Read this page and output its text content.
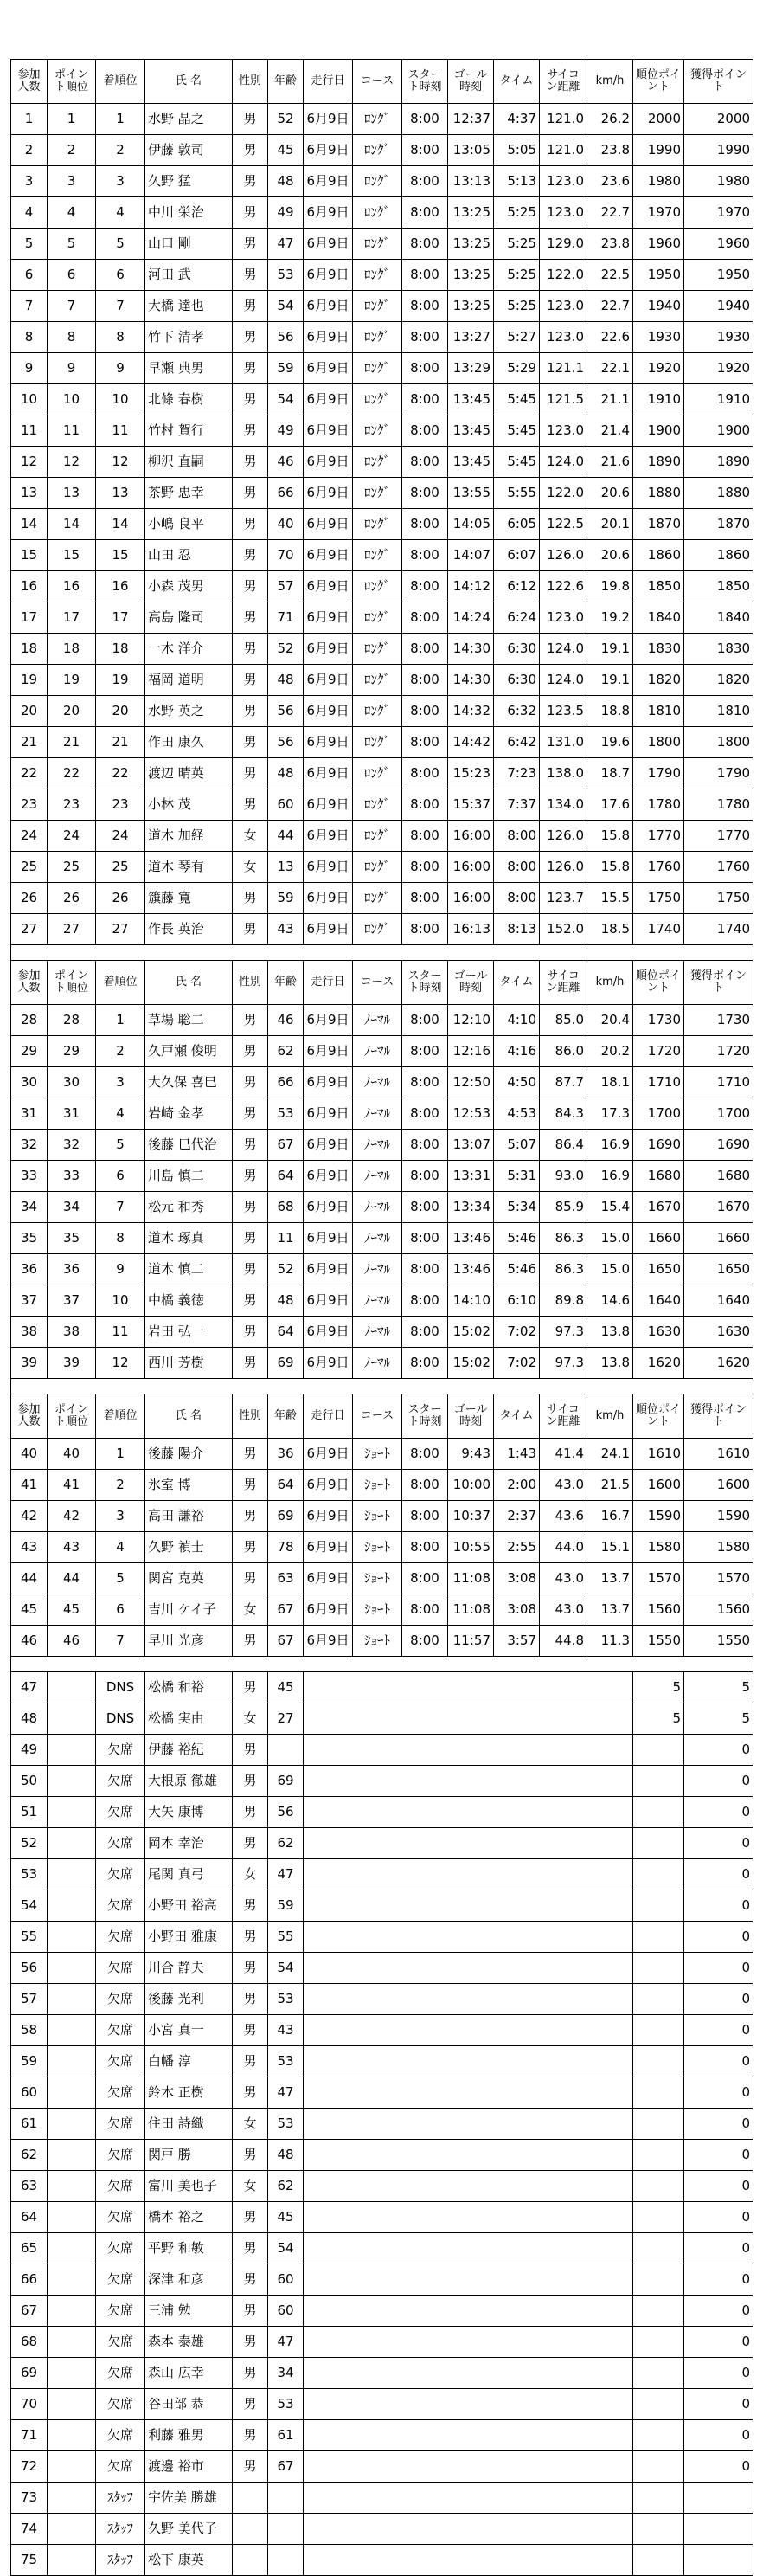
参加人数	ポイント順位	着順位	氏 名	性別	年齢	走行日	コース	スタート時刻	ゴール時刻	タイム	サイコン距離	km/h	順位ポイント	獲得ポイント
1	1	1	水野 晶之	男	52	6月9日	ﾛﾝｸﾞ	8:00	12:37	4:37	121.0	26.2	2000	2000
2	2	2	伊藤 敦司	男	45	6月9日	ﾛﾝｸﾞ	8:00	13:05	5:05	121.0	23.8	1990	1990
3	3	3	久野 猛	男	48	6月9日	ﾛﾝｸﾞ	8:00	13:13	5:13	123.0	23.6	1980	1980
4	4	4	中川 栄治	男	49	6月9日	ﾛﾝｸﾞ	8:00	13:25	5:25	123.0	22.7	1970	1970
5	5	5	山口 剛	男	47	6月9日	ﾛﾝｸﾞ	8:00	13:25	5:25	129.0	23.8	1960	1960
6	6	6	河田 武	男	53	6月9日	ﾛﾝｸﾞ	8:00	13:25	5:25	122.0	22.5	1950	1950
7	7	7	大橋 達也	男	54	6月9日	ﾛﾝｸﾞ	8:00	13:25	5:25	123.0	22.7	1940	1940
8	8	8	竹下 清孝	男	56	6月9日	ﾛﾝｸﾞ	8:00	13:27	5:27	123.0	22.6	1930	1930
9	9	9	早瀬 典男	男	59	6月9日	ﾛﾝｸﾞ	8:00	13:29	5:29	121.1	22.1	1920	1920
10	10	10	北條 春樹	男	54	6月9日	ﾛﾝｸﾞ	8:00	13:45	5:45	121.5	21.1	1910	1910
11	11	11	竹村 賀行	男	49	6月9日	ﾛﾝｸﾞ	8:00	13:45	5:45	123.0	21.4	1900	1900
12	12	12	柳沢 直嗣	男	46	6月9日	ﾛﾝｸﾞ	8:00	13:45	5:45	124.0	21.6	1890	1890
13	13	13	茶野 忠幸	男	66	6月9日	ﾛﾝｸﾞ	8:00	13:55	5:55	122.0	20.6	1880	1880
14	14	14	小嶋 良平	男	40	6月9日	ﾛﾝｸﾞ	8:00	14:05	6:05	122.5	20.1	1870	1870
15	15	15	山田 忍	男	70	6月9日	ﾛﾝｸﾞ	8:00	14:07	6:07	126.0	20.6	1860	1860
16	16	16	小森 茂男	男	57	6月9日	ﾛﾝｸﾞ	8:00	14:12	6:12	122.6	19.8	1850	1850
17	17	17	高島 隆司	男	71	6月9日	ﾛﾝｸﾞ	8:00	14:24	6:24	123.0	19.2	1840	1840
18	18	18	一木 洋介	男	52	6月9日	ﾛﾝｸﾞ	8:00	14:30	6:30	124.0	19.1	1830	1830
19	19	19	福岡 道明	男	48	6月9日	ﾛﾝｸﾞ	8:00	14:30	6:30	124.0	19.1	1820	1820
20	20	20	水野 英之	男	56	6月9日	ﾛﾝｸﾞ	8:00	14:32	6:32	123.5	18.8	1810	1810
21	21	21	作田 康久	男	56	6月9日	ﾛﾝｸﾞ	8:00	14:42	6:42	131.0	19.6	1800	1800
22	22	22	渡辺 晴英	男	48	6月9日	ﾛﾝｸﾞ	8:00	15:23	7:23	138.0	18.7	1790	1790
23	23	23	小林 茂	男	60	6月9日	ﾛﾝｸﾞ	8:00	15:37	7:37	134.0	17.6	1780	1780
24	24	24	道木 加経	女	44	6月9日	ﾛﾝｸﾞ	8:00	16:00	8:00	126.0	15.8	1770	1770
25	25	25	道木 琴有	女	13	6月9日	ﾛﾝｸﾞ	8:00	16:00	8:00	126.0	15.8	1760	1760
26	26	26	籏藤 寛	男	59	6月9日	ﾛﾝｸﾞ	8:00	16:00	8:00	123.7	15.5	1750	1750
27	27	27	作長 英治	男	43	6月9日	ﾛﾝｸﾞ	8:00	16:13	8:13	152.0	18.5	1740	1740

参加人数	ポイント順位	着順位	氏 名	性別	年齢	走行日	コース	スタート時刻	ゴール時刻	タイム	サイコン距離	km/h	順位ポイント	獲得ポイント
28	28	1	草場 聡二	男	46	6月9日	ﾉｰﾏﾙ	8:00	12:10	4:10	85.0	20.4	1730	1730
29	29	2	久戸瀬 俊明	男	62	6月9日	ﾉｰﾏﾙ	8:00	12:16	4:16	86.0	20.2	1720	1720
30	30	3	大久保 喜巳	男	66	6月9日	ﾉｰﾏﾙ	8:00	12:50	4:50	87.7	18.1	1710	1710
31	31	4	岩崎 金孝	男	53	6月9日	ﾉｰﾏﾙ	8:00	12:53	4:53	84.3	17.3	1700	1700
32	32	5	後藤 巳代治	男	67	6月9日	ﾉｰﾏﾙ	8:00	13:07	5:07	86.4	16.9	1690	1690
33	33	6	川島 慎二	男	64	6月9日	ﾉｰﾏﾙ	8:00	13:31	5:31	93.0	16.9	1680	1680
34	34	7	松元 和秀	男	68	6月9日	ﾉｰﾏﾙ	8:00	13:34	5:34	85.9	15.4	1670	1670
35	35	8	道木 琢真	男	11	6月9日	ﾉｰﾏﾙ	8:00	13:46	5:46	86.3	15.0	1660	1660
36	36	9	道木 慎二	男	52	6月9日	ﾉｰﾏﾙ	8:00	13:46	5:46	86.3	15.0	1650	1650
37	37	10	中橋 義徳	男	48	6月9日	ﾉｰﾏﾙ	8:00	14:10	6:10	89.8	14.6	1640	1640
38	38	11	岩田 弘一	男	64	6月9日	ﾉｰﾏﾙ	8:00	15:02	7:02	97.3	13.8	1630	1630
39	39	12	西川 芳樹	男	69	6月9日	ﾉｰﾏﾙ	8:00	15:02	7:02	97.3	13.8	1620	1620

参加人数	ポイント順位	着順位	氏 名	性別	年齢	走行日	コース	スタート時刻	ゴール時刻	タイム	サイコン距離	km/h	順位ポイント	獲得ポイント
40	40	1	後藤 陽介	男	36	6月9日	ｼｮｰﾄ	8:00	9:43	1:43	41.4	24.1	1610	1610
41	41	2	氷室 博	男	64	6月9日	ｼｮｰﾄ	8:00	10:00	2:00	43.0	21.5	1600	1600
42	42	3	高田 謙裕	男	69	6月9日	ｼｮｰﾄ	8:00	10:37	2:37	43.6	16.7	1590	1590
43	43	4	久野 禎士	男	78	6月9日	ｼｮｰﾄ	8:00	10:55	2:55	44.0	15.1	1580	1580
44	44	5	関宮 克英	男	63	6月9日	ｼｮｰﾄ	8:00	11:08	3:08	43.0	13.7	1570	1570
45	45	6	吉川 ケイ子	女	67	6月9日	ｼｮｰﾄ	8:00	11:08	3:08	43.0	13.7	1560	1560
46	46	7	早川 光彦	男	67	6月9日	ｼｮｰﾄ	8:00	11:57	3:57	44.8	11.3	1550	1550

47		DNS	松橋 和裕	男	45								5	5
48		DNS	松橋 実由	女	27								5	5
49		欠席	伊藤 裕紀	男										0
50		欠席	大根原 徹雄	男	69									0
51		欠席	大矢 康博	男	56									0
52		欠席	岡本 幸治	男	62									0
53		欠席	尾関 真弓	女	47									0
54		欠席	小野田 裕高	男	59									0
55		欠席	小野田 雅康	男	55									0
56		欠席	川合 静夫	男	54									0
57		欠席	後藤 光利	男	53									0
58		欠席	小宮 真一	男	43									0
59		欠席	白幡 淳	男	53									0
60		欠席	鈴木 正樹	男	47									0
61		欠席	住田 詩織	女	53									0
62		欠席	関戸 勝	男	48									0
63		欠席	富川 美也子	女	62									0
64		欠席	橋本 裕之	男	45									0
65		欠席	平野 和敏	男	54									0
66		欠席	深津 和彦	男	60									0
67		欠席	三浦 勉	男	60									0
68		欠席	森本 泰雄	男	47									0
69		欠席	森山 広幸	男	34									0
70		欠席	谷田部 恭	男	53									0
71		欠席	利藤 雅男	男	61									0
72		欠席	渡邊 裕市	男	67									0
73		ｽﾀｯﾌ	宇佐美 勝雄											
74		ｽﾀｯﾌ	久野 美代子											
75		ｽﾀｯﾌ	松下 康英											
